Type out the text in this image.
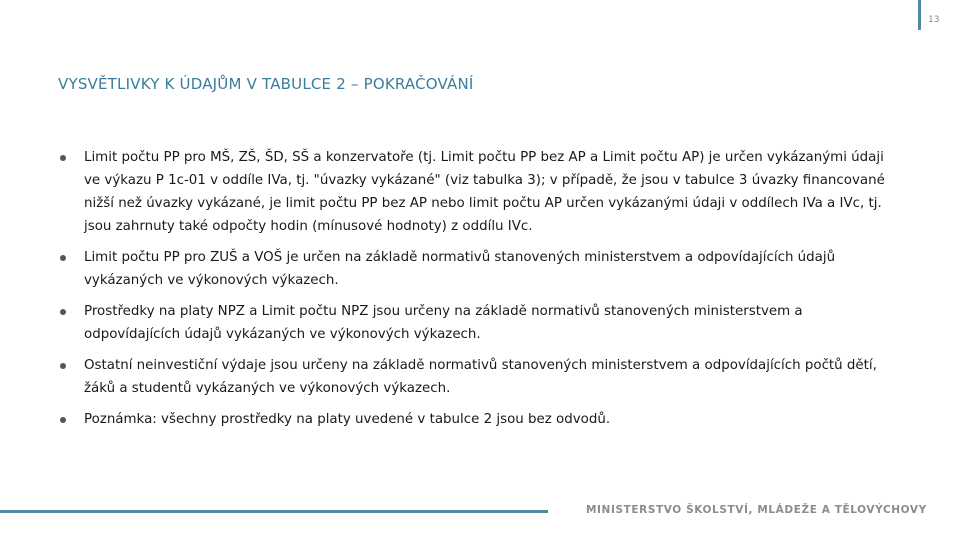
13
VYSVĚTLIVKY K ÚDAJŮM V TABULCE 2 – POKRAČOVÁNÍ
Limit počtu PP pro MŠ, ZŠ, ŠD, SŠ a konzervatoře (tj. Limit počtu PP bez AP a Limit počtu AP) je určen vykázanými údaji ve výkazu P 1c-01 v oddíle IVa, tj. "úvazky vykázané" (viz tabulka 3); v případě, že jsou v tabulce 3 úvazky financované nižší než úvazky vykázané, je limit počtu PP bez AP nebo limit počtu AP určen vykázanými údaji v oddílech IVa a IVc, tj. jsou zahrnuty také odpočty hodin (mínusové hodnoty) z oddílu IVc.
Limit počtu PP pro ZUŠ a VOŠ je určen na základě normativů stanovených ministerstvem a odpovídajících údajů vykázaných ve výkonových výkazech.
Prostředky na platy NPZ a Limit počtu NPZ jsou určeny na základě normativů stanovených ministerstvem a odpovídajících údajů vykázaných ve výkonových výkazech.
Ostatní neinvestiční výdaje jsou určeny na základě normativů stanovených ministerstvem a odpovídajících počtů dětí, žáků a studentů vykázaných ve výkonových výkazech.
Poznámka: všechny prostředky na platy uvedené v tabulce 2 jsou bez odvodů.
MINISTERSTVO ŠKOLSTVÍ, MLÁDEŽE A TĚLOVÝCHOVY
